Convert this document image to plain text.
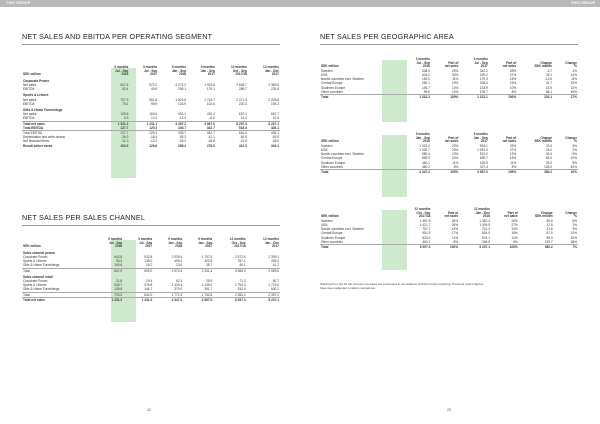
THIS GROUP	THIS GROUP
NET SALES AND EBITDA PER OPERATING SEGMENT
SEK million	3 months
Jul - Sep
2018	3 months
Jul - Sep
2017	9 months
Jan - Sep
2018	9 months
Jan - Sep
2017	12 months
Oct - Sep
2017/18	12 months
Jan - Dec
2017
Corporate Promo						
Net sales	647.6	572.2	2 072.2	1 919.8	2 648.7	2 389.6
EBITDA	52.4	49.9	208.1	179.1	289.7	225.8
Sports & Leisure						
Net sales	707.9	551.8	1 823.6	1 716.7	2 371.3	2 209.8
EBITDA	75.3	99.9	123.9	102.6	220.3	194.3
Gifts & Home Furnishings						
Net sales	125.6	163.0	402.1	432.4	637.1	667.7
EBITDA	-3.9	10.2	-12.3	-6.0	14.4	10.6
Total net sales	1 331.2	1 231.1	4 367.2	3 967.0	5 297.3	5 237.1
Total EBITDA	127.7	129.3	339.7	342.7	516.4	426.1
Total EBITDA	127.7	129.3	339.7	342.7	516.4	426.1
Depreciation and write-downs	-26.3	-18.4	-55.3	-42.1	-63.5	-53.9
Net financial items	-11.0	-13.2	-28.2	-28.8	-21.9	-28.9
Result before taxes	103.9	129.8	265.2	278.9	412.3	343.3
NET SALES PER SALES CHANNEL
SEK million	3 months
Jul - Sep
2018	3 months
Jul - Sep
2017	9 months
Jan - Sep
2018	9 months
Jan - Sep
2017	12 months
Oct - Sep
2017/18	12 months
Jan - Dec
2017
Sales channel promo						
Corporate Promo	642.8	532.8	2 039.4	1 707.9	2 572.6	2 399.1
Sports & Leisure	93.3	135.0	495.2	422.8	787.1	339.0
Gifts & Home Furnishings	100.6	16.2	23.6	25.7	46.1	61.2
Total	847.9	699.0	2 570.4	2 341.4	3 566.9	2 959.6
Sales channel retail						
Corporate Promo	21.8	19.4	62.1	25.9	71.3	60.7
Sports & Leisure	545.7	478.8	1 330.4	1 235.0	1 754.4	1 723.0
Gifts & Home Furnishings	135.8	144.7	379.0	391.7	532.0	530.2
Total	703.3	642.0	1 771.5	1 752.6	2 350.2	2 397.2
Total net sales	1 331.2	1 231.0	4 347.2	3 967.0	5 297.3	5 237.1
22
NET SALES PER GEOGRAPHIC AREA
SEK million	3 months
Jul - Sep
2018	Part of
net sales	3 months
Jul - Sep
2017	Part of
net sales	Change
SEK million	Change
%
Sweden	338.4	25%	342.2	28%	-3.7	-1%
USA	404.0	30%	329.2	27%	49.1	14%
Nordic countries excl. Sweden	150.0	11%	179.3	15%	-12.6	-8%
Central Europe	250.1	19%	208.4	15%	41.7	20%
Southern Europe	149.7	10%	133.9	10%	15.9	12%
Other countries	99.8	12%	105.7	8%	68.1	45%
Total	1 331.2	100%	1 231.1	100%	220.1	17%
SEK million	9 months
Jan - Sep
2018	Part of
net sales	9 months
Jan - Sep
2017	Part of
net sales	Change
SEK million	Change
%
Sweden	1 023.2	23%	994.1	25%	23.4	3%
USA	1 092.7	25%	1 081.4	27%	24.0	2%
Nordic countries excl. Sweden	580.4	13%	531.0	13%	49.4	9%
Central Europe	859.9	20%	695.7	18%	65.0	10%
Southern Europe	450.1	11%	429.9	11%	23.2	5%
Other countries	460.2	8%	327.4	8%	135.0	42%
Total	4 347.2	100%	3 967.0	100%	380.2	10%
SEK million	12 months
Oct - Sep
2017/18	Part of
net sales	12 months
Jan - Dec
2016	Part of
net sales	Change
SEK million	Change
%
Sweden	1 451.9	26%	1 382.3	26%	95.0	6%
USA	1 421.7	26%	1 409.9	27%	12.8	1%
Nordic countries excl. Sweden	757.7	14%	741.3	14%	21.6	3%
Central Europe	951.9	17%	824.9	16%	87.0	11%
Southern Europe	633.0	11%	574.1	11%	59.0	10%
Other countries	460.2	8%	334.5	6%	125.7	38%
Total	5 297.3	100%	5 237.1	100%	380.2	7%
Starting from Q3 18 the Group's net sales are presented in accordance with the brand reporting. Previous year's figures have been adjusted to allow comparison.
23
